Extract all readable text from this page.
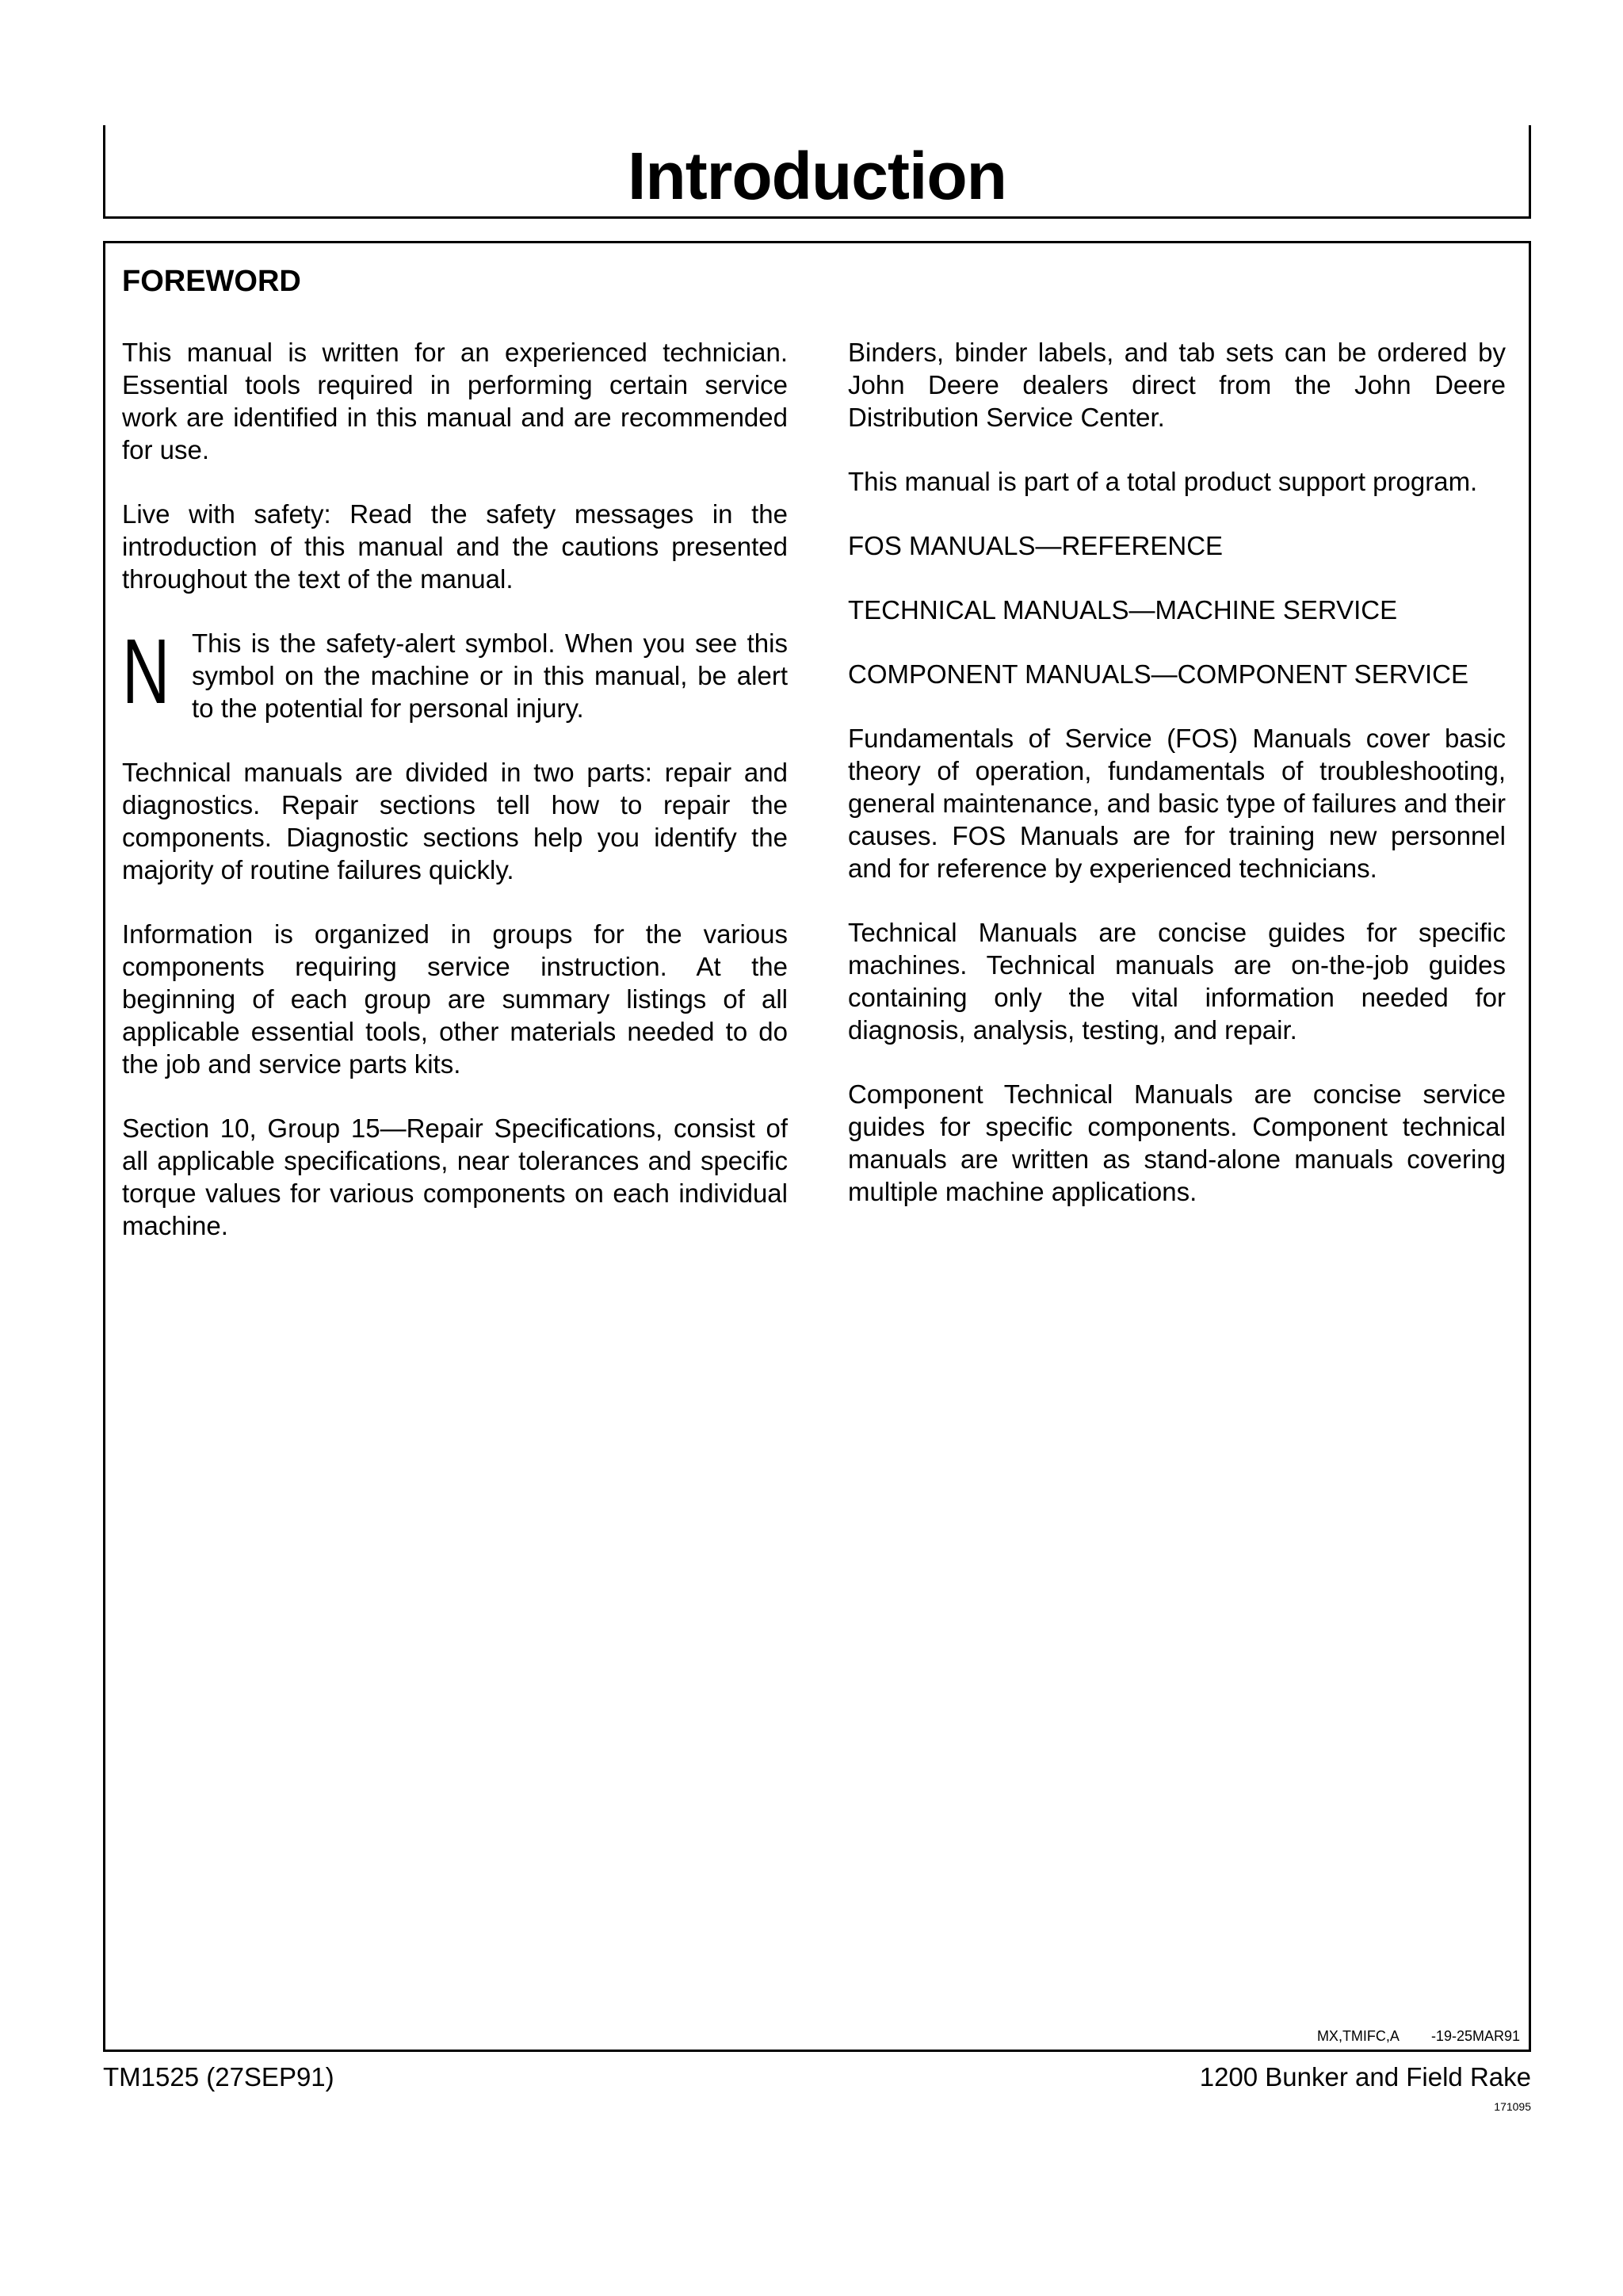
Introduction
FOREWORD

This manual is written for an experienced technician. Essential tools required in performing certain service work are identified in this manual and are recommended for use.

Live with safety: Read the safety messages in the introduction of this manual and the cautions presented throughout the text of the manual.

N This is the safety-alert symbol. When you see this symbol on the machine or in this manual, be alert to the potential for personal injury.

Technical manuals are divided in two parts: repair and diagnostics. Repair sections tell how to repair the components. Diagnostic sections help you identify the majority of routine failures quickly.

Information is organized in groups for the various components requiring service instruction. At the beginning of each group are summary listings of all applicable essential tools, other materials needed to do the job and service parts kits.

Section 10, Group 15—Repair Specifications, consist of all applicable specifications, near tolerances and specific torque values for various components on each individual machine.

Binders, binder labels, and tab sets can be ordered by John Deere dealers direct from the John Deere Distribution Service Center.

This manual is part of a total product support program.

FOS MANUALS—REFERENCE

TECHNICAL MANUALS—MACHINE SERVICE

COMPONENT MANUALS—COMPONENT SERVICE

Fundamentals of Service (FOS) Manuals cover basic theory of operation, fundamentals of troubleshooting, general maintenance, and basic type of failures and their causes. FOS Manuals are for training new personnel and for reference by experienced technicians.

Technical Manuals are concise guides for specific machines. Technical manuals are on-the-job guides containing only the vital information needed for diagnosis, analysis, testing, and repair.

Component Technical Manuals are concise service guides for specific components. Component technical manuals are written as stand-alone manuals covering multiple machine applications.

MX,TMIFC,A -19-25MAR91
TM1525 (27SEP91)	1200 Bunker and Field Rake
171095
